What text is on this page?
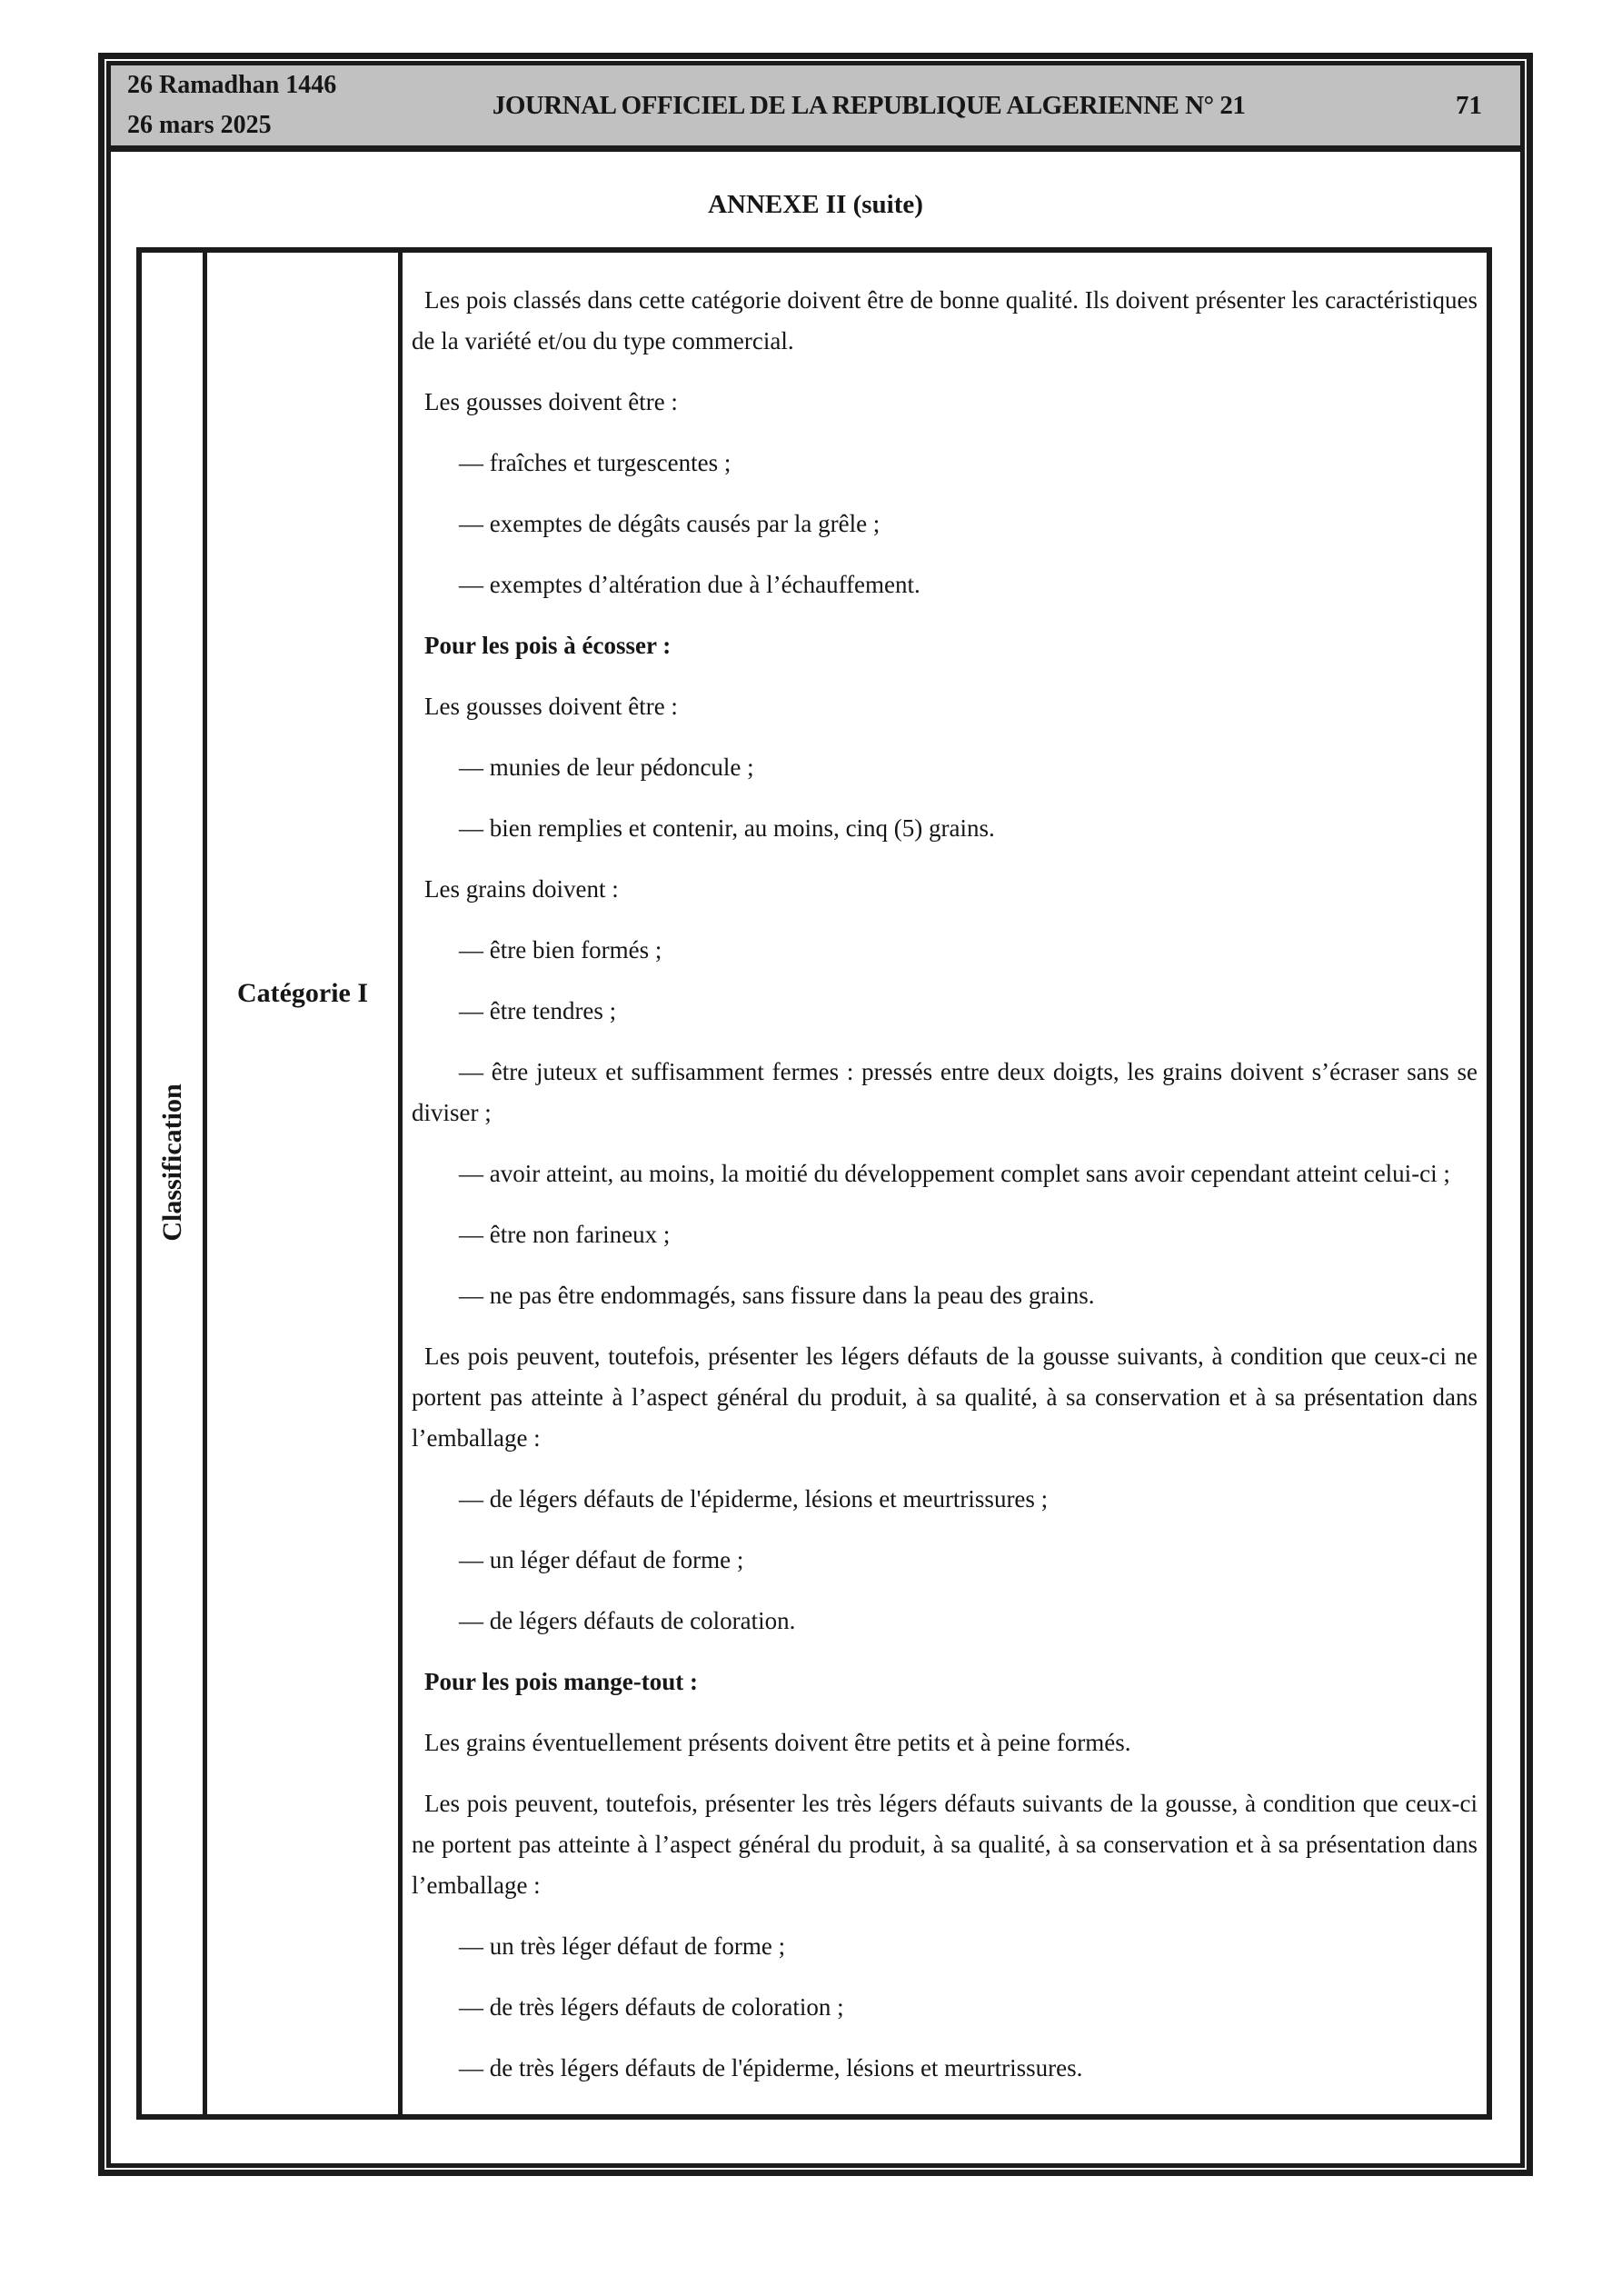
26 Ramadhan 1446
26 mars 2025
JOURNAL OFFICIEL DE LA REPUBLIQUE ALGERIENNE N° 21	71
ANNEXE II (suite)
Classification
Catégorie I

Les pois classés dans cette catégorie doivent être de bonne qualité. Ils doivent présenter les caractéristiques de la variété et/ou du type commercial.

Les gousses doivent être :

— fraîches et turgescentes ;

— exemptes de dégâts causés par la grêle ;

— exemptes d’altération due à l’échauffement.

Pour les pois à écosser :

Les gousses doivent être :

— munies de leur pédoncule ;

— bien remplies et contenir, au moins, cinq (5) grains.

Les grains doivent :

— être bien formés ;

— être tendres ;

— être juteux et suffisamment fermes : pressés entre deux doigts, les grains doivent s’écraser sans se diviser ;

— avoir atteint, au moins, la moitié du développement complet sans avoir cependant atteint celui-ci ;

— être non farineux ;

— ne pas être endommagés, sans fissure dans la peau des grains.

Les pois peuvent, toutefois, présenter les légers défauts de la gousse suivants, à condition que ceux-ci ne portent pas atteinte à l’aspect général du produit, à sa qualité, à sa conservation et à sa présentation dans l’emballage :

— de légers défauts de l'épiderme, lésions et meurtrissures ;

— un léger défaut de forme ;

— de légers défauts de coloration.

Pour les pois mange-tout :

Les grains éventuellement présents doivent être petits et à peine formés.

Les pois peuvent, toutefois, présenter les très légers défauts suivants de la gousse, à condition que ceux-ci ne portent pas atteinte à l’aspect général du produit, à sa qualité, à sa conservation et à sa présentation dans l’emballage :

— un très léger défaut de forme ;

— de très légers défauts de coloration ;

— de très légers défauts de l'épiderme, lésions et meurtrissures.
